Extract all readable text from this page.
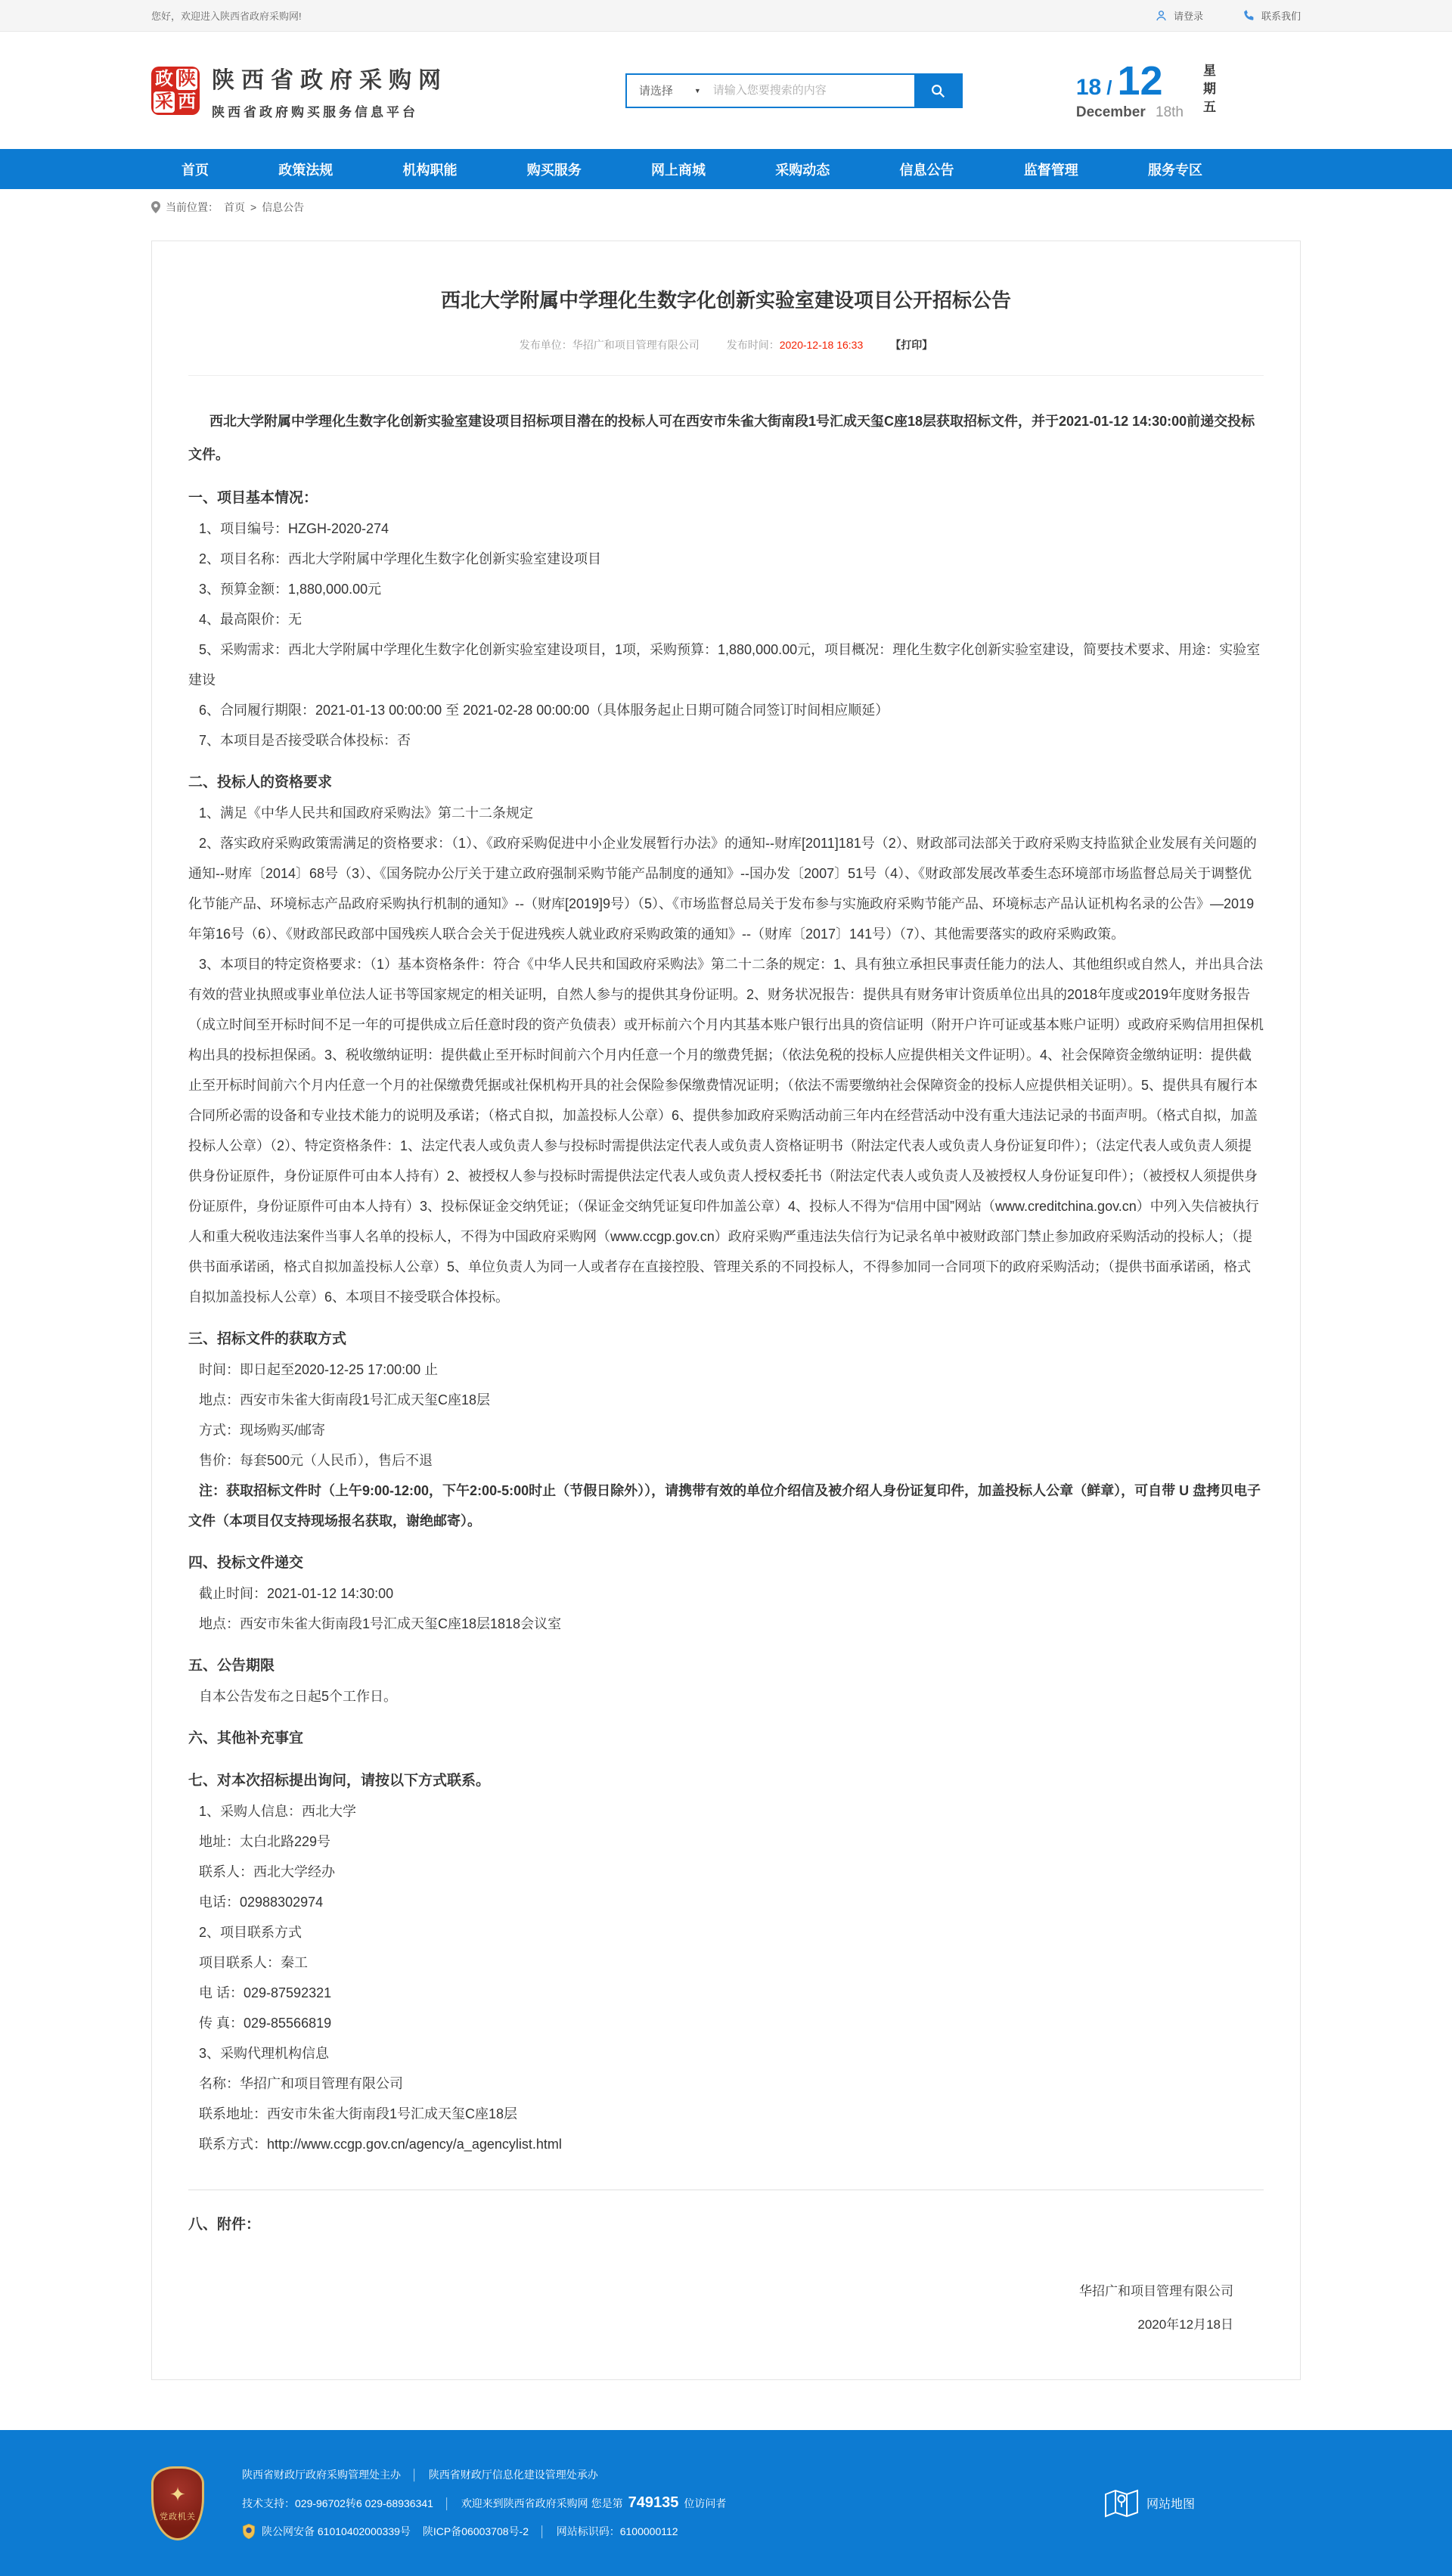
您好，欢迎进入陕西省政府采购网!	请登录	联系我们
政 陕
采 西
陕西省政府采购网
陕西省政府购买服务信息平台
请选择	▼
请输入您要搜索的内容	18 / 12
December 18th 星期五
首页	政策法规	机构职能	购买服务	网上商城	采购动态	信息公告	监督管理	服务专区
当前位置： 首页 > 信息公告
西北大学附属中学理化生数字化创新实验室建设项目公开招标公告
发布单位：华招广和项目管理有限公司	发布时间：2020-12-18 16:33	【打印】

西北大学附属中学理化生数字化创新实验室建设项目招标项目潜在的投标人可在西安市朱雀大街南段1号汇成天玺C座18层获取招标文件，并于2021-01-12 14:30:00前递交投标文件。

一、项目基本情况：

1、项目编号：HZGH-2020-274

2、项目名称：西北大学附属中学理化生数字化创新实验室建设项目

3、预算金额：1,880,000.00元

4、最高限价：无

5、采购需求：西北大学附属中学理化生数字化创新实验室建设项目，1项，采购预算：1,880,000.00元，项目概况：理化生数字化创新实验室建设，简要技术要求、用途：实验室建设

6、合同履行期限：2021-01-13 00:00:00 至 2021-02-28 00:00:00（具体服务起止日期可随合同签订时间相应顺延）

7、本项目是否接受联合体投标：否

二、投标人的资格要求

1、满足《中华人民共和国政府采购法》第二十二条规定

2、落实政府采购政策需满足的资格要求：（1）、《政府采购促进中小企业发展暂行办法》的通知--财库[2011]181号（2）、财政部司法部关于政府采购支持监狱企业发展有关问题的通知--财库〔2014〕68号（3）、《国务院办公厅关于建立政府强制采购节能产品制度的通知》--国办发〔2007〕51号（4）、《财政部发展改革委生态环境部市场监督总局关于调整优化节能产品、环境标志产品政府采购执行机制的通知》--（财库[2019]9号）（5）、《市场监督总局关于发布参与实施政府采购节能产品、环境标志产品认证机构名录的公告》—2019年第16号（6）、《财政部民政部中国残疾人联合会关于促进残疾人就业政府采购政策的通知》--（财库〔2017〕141号）（7）、其他需要落实的政府采购政策。

3、本项目的特定资格要求：（1）基本资格条件：符合《中华人民共和国政府采购法》第二十二条的规定：1、具有独立承担民事责任能力的法人、其他组织或自然人，并出具合法有效的营业执照或事业单位法人证书等国家规定的相关证明，自然人参与的提供其身份证明。2、财务状况报告：提供具有财务审计资质单位出具的2018年度或2019年度财务报告（成立时间至开标时间不足一年的可提供成立后任意时段的资产负债表）或开标前六个月内其基本账户银行出具的资信证明（附开户许可证或基本账户证明）或政府采购信用担保机构出具的投标担保函。3、税收缴纳证明：提供截止至开标时间前六个月内任意一个月的缴费凭据；（依法免税的投标人应提供相关文件证明）。4、社会保障资金缴纳证明：提供截止至开标时间前六个月内任意一个月的社保缴费凭据或社保机构开具的社会保险参保缴费情况证明；（依法不需要缴纳社会保障资金的投标人应提供相关证明）。5、提供具有履行本合同所必需的设备和专业技术能力的说明及承诺；（格式自拟，加盖投标人公章）6、提供参加政府采购活动前三年内在经营活动中没有重大违法记录的书面声明。（格式自拟，加盖投标人公章）（2）、特定资格条件：1、法定代表人或负责人参与投标时需提供法定代表人或负责人资格证明书（附法定代表人或负责人身份证复印件）；（法定代表人或负责人须提供身份证原件，身份证原件可由本人持有）2、被授权人参与投标时需提供法定代表人或负责人授权委托书（附法定代表人或负责人及被授权人身份证复印件）；（被授权人须提供身份证原件，身份证原件可由本人持有）3、投标保证金交纳凭证；（保证金交纳凭证复印件加盖公章）4、投标人不得为“信用中国”网站（www.creditchina.gov.cn）中列入失信被执行人和重大税收违法案件当事人名单的投标人，不得为中国政府采购网（www.ccgp.gov.cn）政府采购严重违法失信行为记录名单中被财政部门禁止参加政府采购活动的投标人；（提供书面承诺函，格式自拟加盖投标人公章）5、单位负责人为同一人或者存在直接控股、管理关系的不同投标人，不得参加同一合同项下的政府采购活动；（提供书面承诺函，格式自拟加盖投标人公章）6、本项目不接受联合体投标。

三、招标文件的获取方式

时间：即日起至2020-12-25 17:00:00 止

地点：西安市朱雀大街南段1号汇成天玺C座18层

方式：现场购买/邮寄

售价：每套500元（人民币），售后不退

注：获取招标文件时（上午9:00-12:00，下午2:00-5:00时止（节假日除外）），请携带有效的单位介绍信及被介绍人身份证复印件，加盖投标人公章（鲜章），可自带 U 盘拷贝电子文件（本项目仅支持现场报名获取，谢绝邮寄）。

四、投标文件递交

截止时间：2021-01-12 14:30:00

地点：西安市朱雀大街南段1号汇成天玺C座18层1818会议室

五、公告期限

自本公告发布之日起5个工作日。

六、其他补充事宜
七、对本次招标提出询问，请按以下方式联系。

1、采购人信息：西北大学

地址：太白北路229号

联系人：西北大学经办

电话：02988302974

2、项目联系方式

项目联系人：秦工

电 话：029-87592321

传 真：029-85566819

3、采购代理机构信息

名称：华招广和项目管理有限公司

联系地址：西安市朱雀大街南段1号汇成天玺C座18层

联系方式：http://www.ccgp.gov.cn/agency/a_agencylist.html

八、附件：

华招广和项目管理有限公司

2020年12月18日

✦
党政机关
陕西省财政厅政府采购管理处主办 │ 陕西省财政厅信息化建设管理处承办
技术支持：029-96702转6 029-68936341 │ 欢迎来到陕西省政府采购网 您是第 749135 位访问者
陕公网安备 61010402000339号 陕ICP备06003708号-2 │ 网站标识码：6100000112
网站地图
